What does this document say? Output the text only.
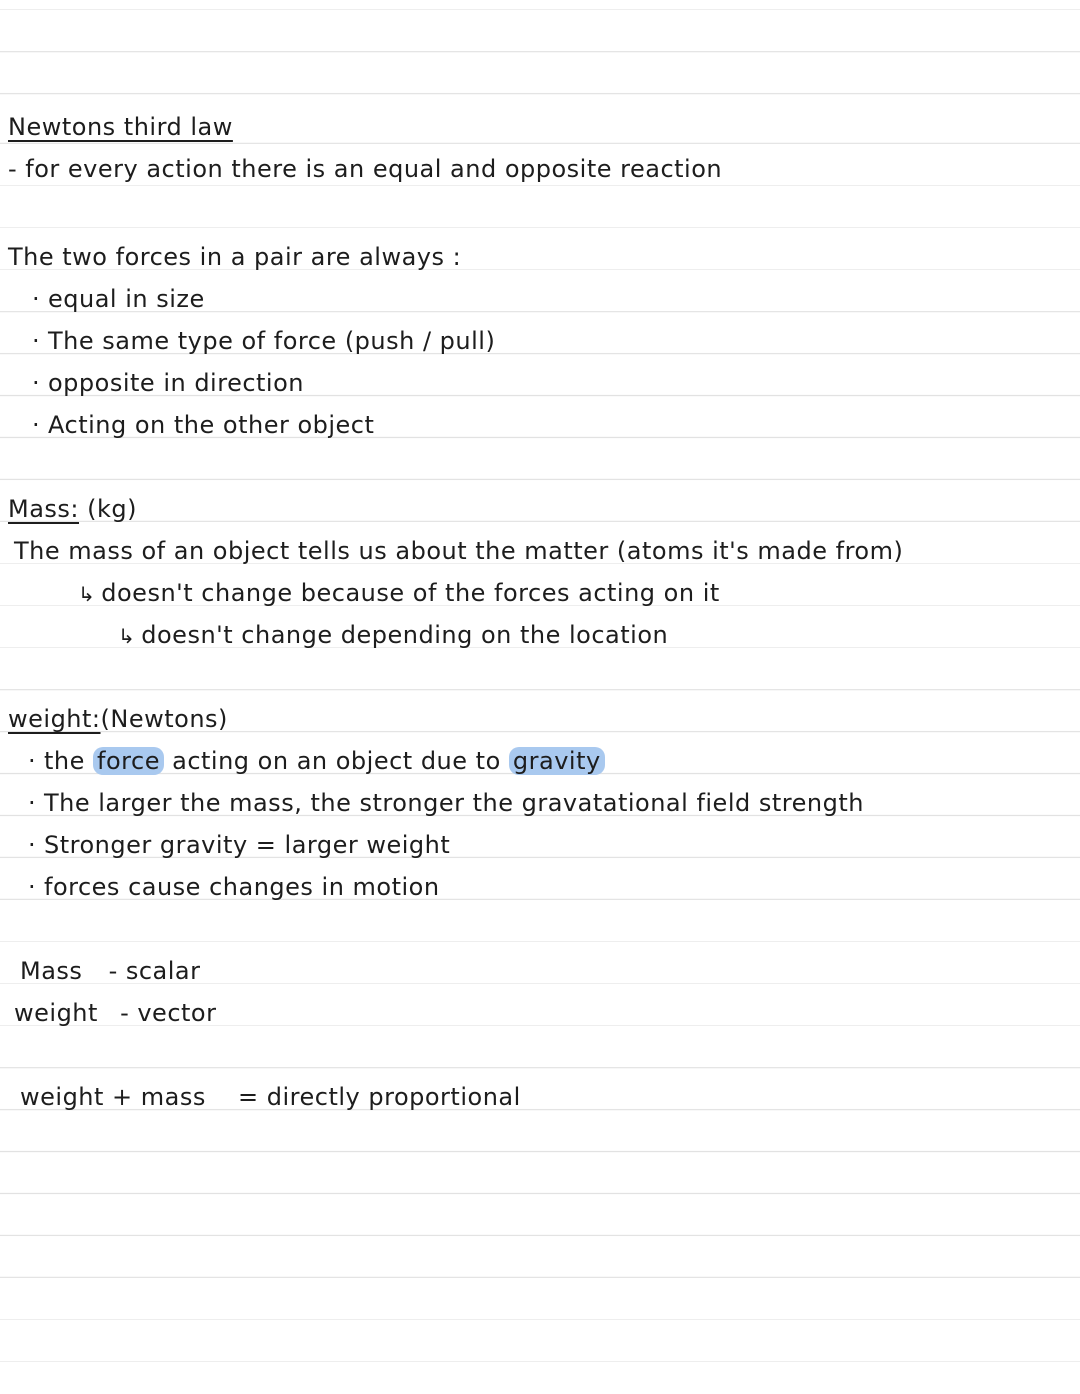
Newtons third law
- for every action there is an equal and opposite reaction
The two forces in a pair are always :
· equal in size
· The same type of force (push / pull)
· opposite in direction
· Acting on the other object
Mass: (kg)
The mass of an object tells us about the matter (atoms it's made from)
↳ doesn't change because of the forces acting on it
↳ doesn't change depending on the location
weight:(Newtons)
· the force acting on an object due to gravity
· The larger the mass, the stronger the gravatational field strength
· Stronger gravity = larger weight
· forces cause changes in motion
Mass - scalar
weight - vector
weight + mass = directly proportional
